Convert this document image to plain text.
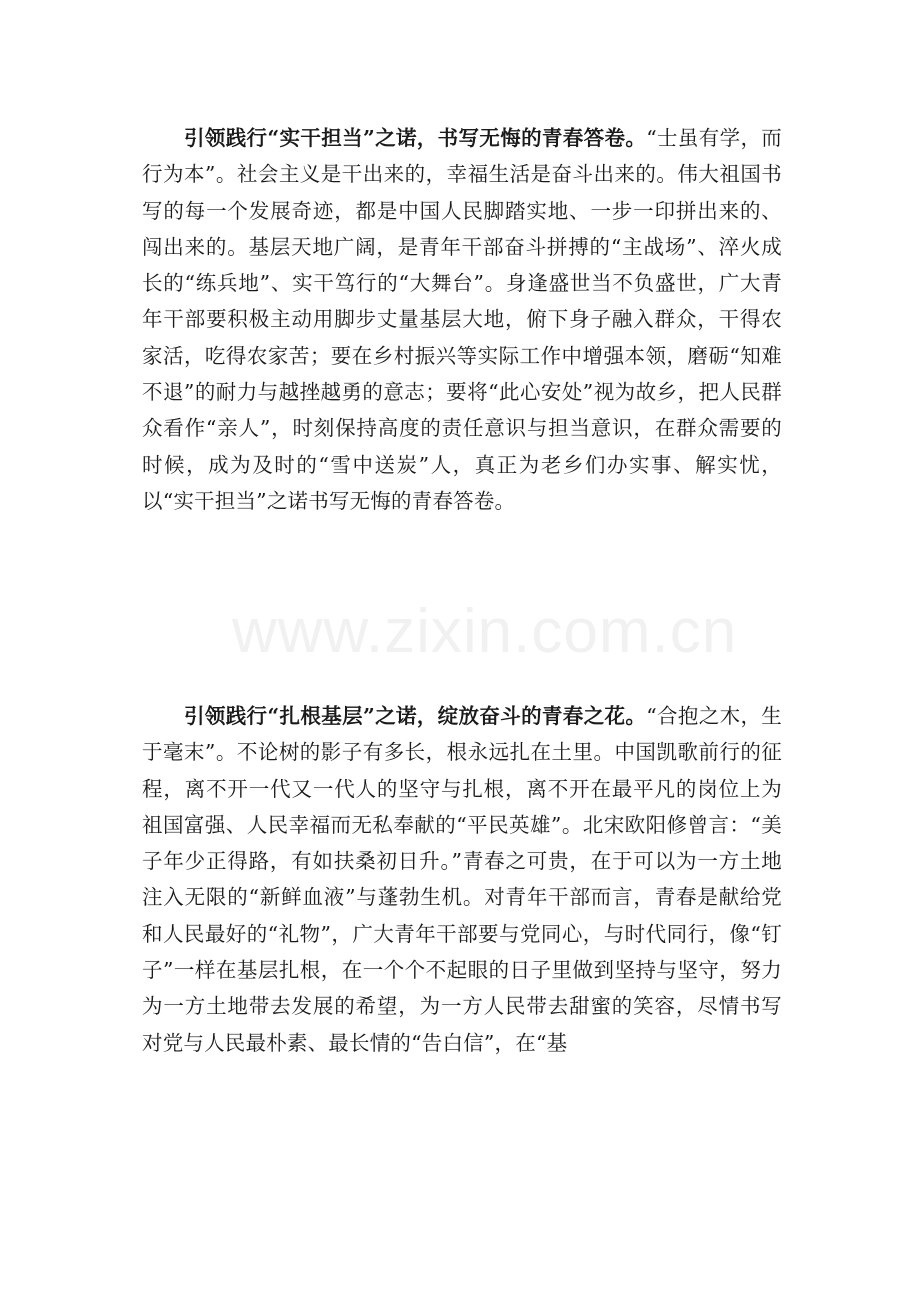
引领践行“实干担当”之诺，书写无悔的青春答卷。“士虽有学，而行为本”。社会主义是干出来的，幸福生活是奋斗出来的。伟大祖国书写的每一个发展奇迹，都是中国人民脚踏实地、一步一印拼出来的、闯出来的。基层天地广阔，是青年干部奋斗拼搏的“主战场”、淬火成长的“练兵地”、实干笃行的“大舞台”。身逢盛世当不负盛世，广大青年干部要积极主动用脚步丈量基层大地，俯下身子融入群众，干得农家活，吃得农家苦；要在乡村振兴等实际工作中增强本领，磨砺“知难不退”的耐力与越挫越勇的意志；要将“此心安处”视为故乡，把人民群众看作“亲人”，时刻保持高度的责任意识与担当意识，在群众需要的时候，成为及时的“雪中送炭”人，真正为老乡们办实事、解实忧，以“实干担当”之诺书写无悔的青春答卷。

www.zixin.com.cn

引领践行“扎根基层”之诺，绽放奋斗的青春之花。“合抱之木，生于毫末”。不论树的影子有多长，根永远扎在土里。中国凯歌前行的征程，离不开一代又一代人的坚守与扎根，离不开在最平凡的岗位上为祖国富强、人民幸福而无私奉献的“平民英雄”。北宋欧阳修曾言：“美子年少正得路，有如扶桑初日升。”青春之可贵，在于可以为一方土地注入无限的“新鲜血液”与蓬勃生机。对青年干部而言，青春是献给党和人民最好的“礼物”，广大青年干部要与党同心，与时代同行，像“钉子”一样在基层扎根，在一个个不起眼的日子里做到坚持与坚守，努力为一方土地带去发展的希望，为一方人民带去甜蜜的笑容，尽情书写对党与人民最朴素、最长情的“告白信”，在“基
